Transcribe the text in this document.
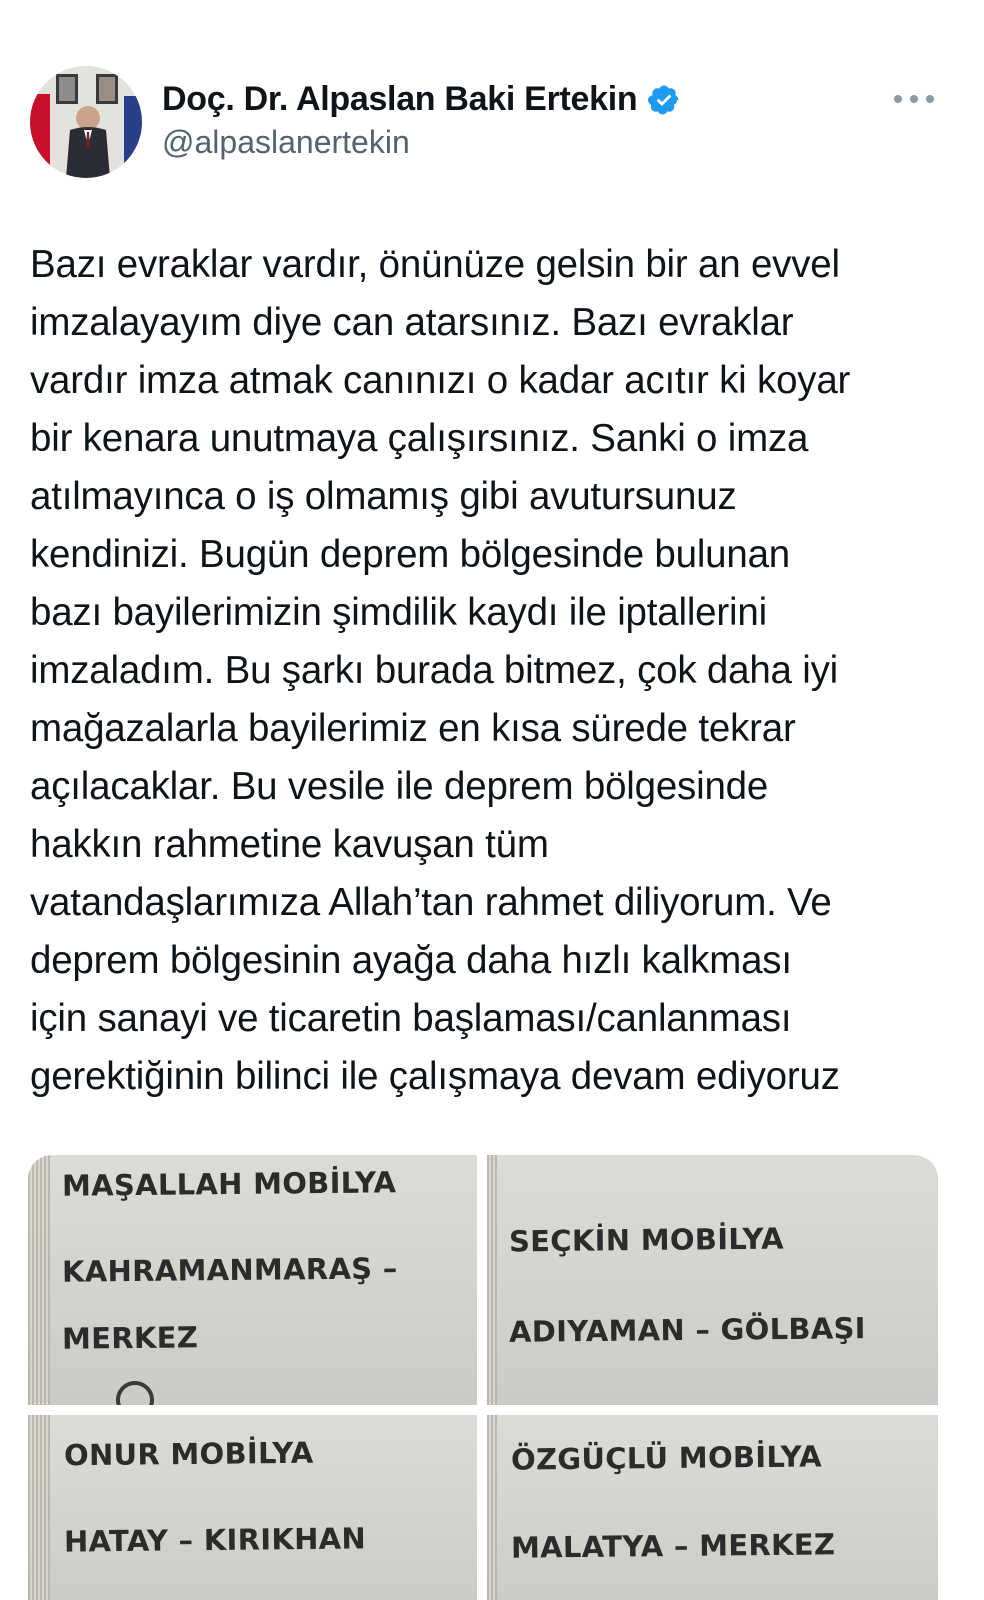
Doç. Dr. Alpaslan Baki Ertekin
@alpaslanertekin
Bazı evraklar vardır, önünüze gelsin bir an evvel
imzalayayım diye can atarsınız. Bazı evraklar
vardır imza atmak canınızı o kadar acıtır ki koyar
bir kenara unutmaya çalışırsınız. Sanki o imza
atılmayınca o iş olmamış gibi avutursunuz
kendinizi. Bugün deprem bölgesinde bulunan
bazı bayilerimizin şimdilik kaydı ile iptallerini
imzaladım. Bu şarkı burada bitmez, çok daha iyi
mağazalarla bayilerimiz en kısa sürede tekrar
açılacaklar. Bu vesile ile deprem bölgesinde
hakkın rahmetine kavuşan tüm
vatandaşlarımıza Allah’tan rahmet diliyorum. Ve
deprem bölgesinin ayağa daha hızlı kalkması
için sanayi ve ticaretin başlaması/canlanması
gerektiğinin bilinci ile çalışmaya devam ediyoruz
MAŞALLAH MOBİLYA
KAHRAMANMARAŞ –
MERKEZ
SEÇKİN MOBİLYA
ADIYAMAN – GÖLBAŞI
ONUR MOBİLYA
HATAY – KIRIKHAN
ÖZGÜÇLÜ MOBİLYA
MALATYA – MERKEZ
